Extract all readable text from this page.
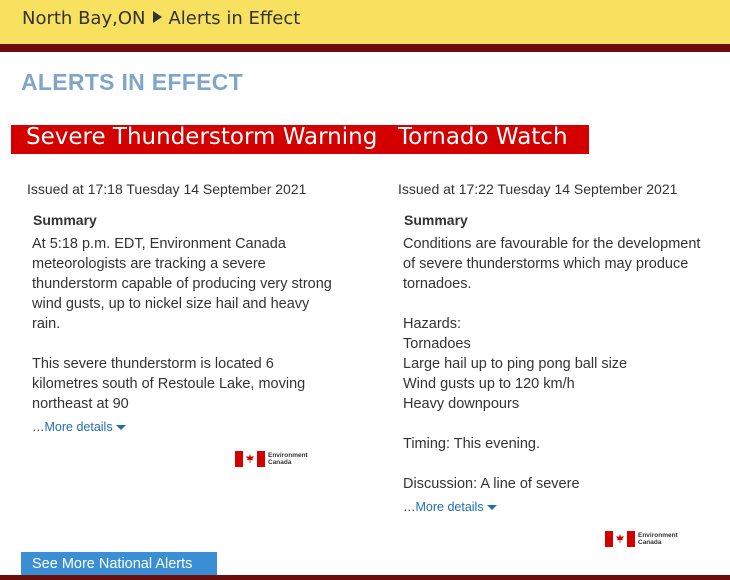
North Bay,ON Alerts in Effect
ALERTS IN EFFECT
Severe Thunderstorm Warning Tornado Watch
Issued at 17:18 Tuesday 14 September 2021
Summary
At 5:18 p.m. EDT, Environment Canada
meteorologists are tracking a severe
thunderstorm capable of producing very strong
wind gusts, up to nickel size hail and heavy
rain.

This severe thunderstorm is located 6
kilometres south of Restoule Lake, moving
northeast at 90
…More details
Issued at 17:22 Tuesday 14 September 2021
Summary
Conditions are favourable for the development
of severe thunderstorms which may produce
tornadoes.

Hazards:
Tornadoes
Large hail up to ping pong ball size
Wind gusts up to 120 km/h
Heavy downpours

Timing: This evening.

Discussion: A line of severe
…More details
Environment
Canada
Environment
Canada
See More National Alerts
